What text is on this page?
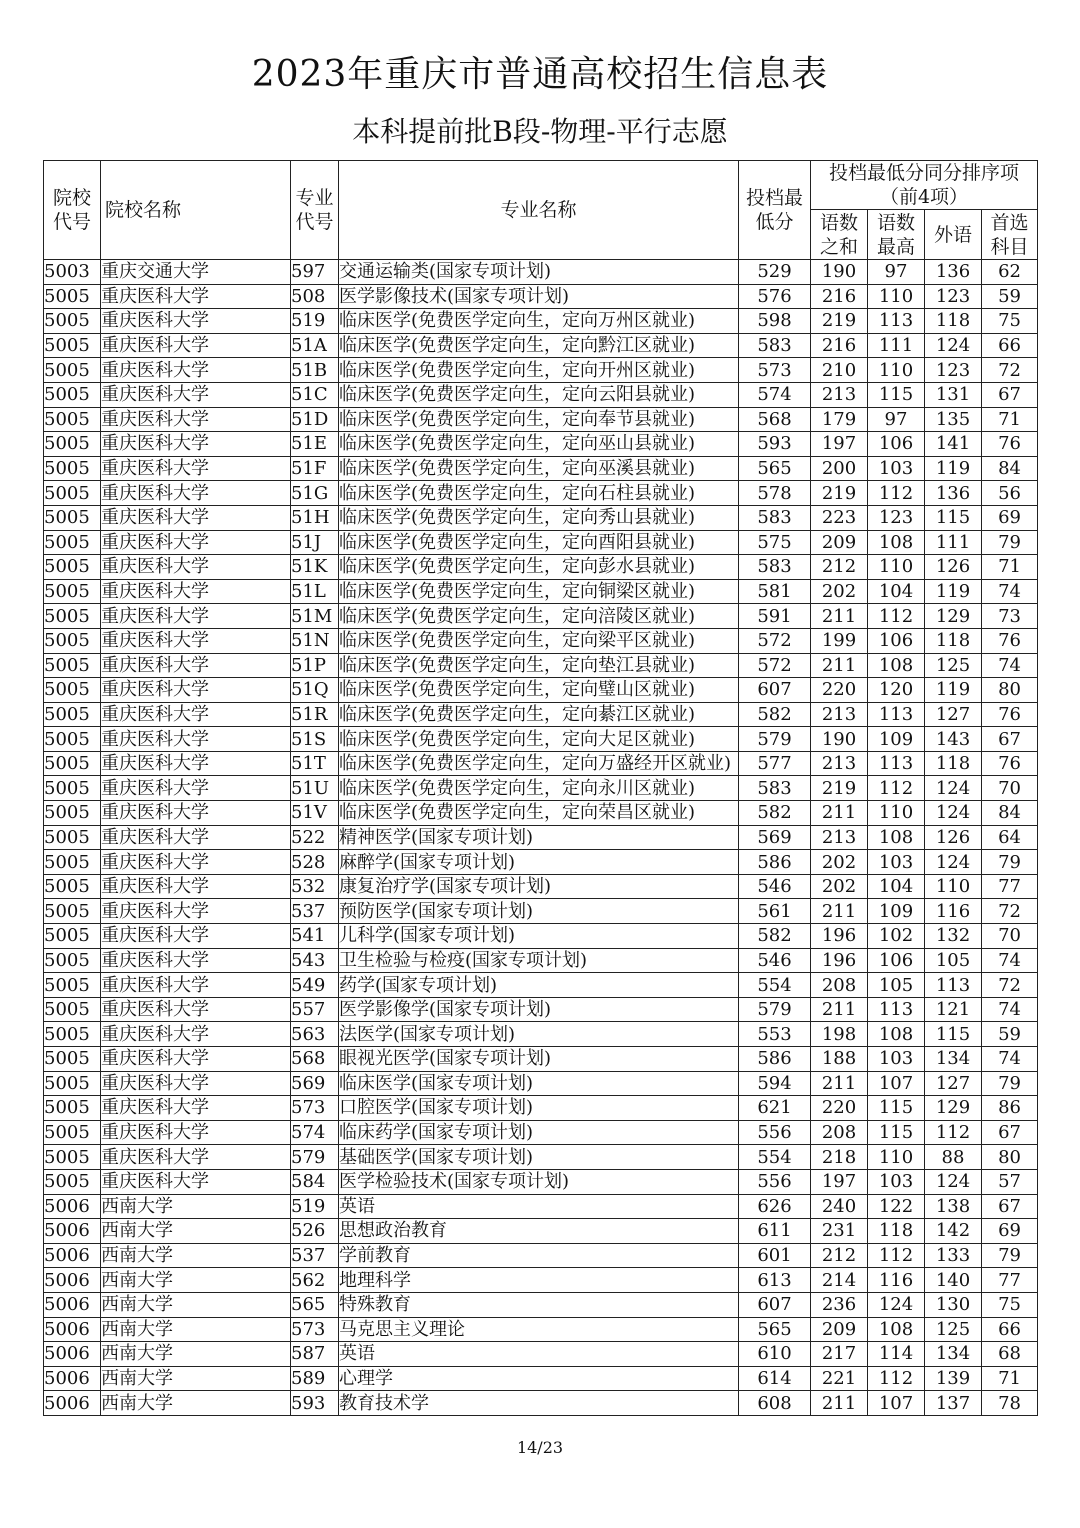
2023年重庆市普通高校招生信息表
本科提前批B段-物理-平行志愿
院校代号	院校名称	专业代号	专业名称	投档最低分	投档最低分同分排序项（前4项）			
					语数之和	语数最高	外语	首选科目
5003	重庆交通大学	597	交通运输类(国家专项计划)	529	190	97	136	62
5005	重庆医科大学	508	医学影像技术(国家专项计划)	576	216	110	123	59
5005	重庆医科大学	519	临床医学(免费医学定向生，定向万州区就业)	598	219	113	118	75
5005	重庆医科大学	51A	临床医学(免费医学定向生，定向黔江区就业)	583	216	111	124	66
5005	重庆医科大学	51B	临床医学(免费医学定向生，定向开州区就业)	573	210	110	123	72
5005	重庆医科大学	51C	临床医学(免费医学定向生，定向云阳县就业)	574	213	115	131	67
5005	重庆医科大学	51D	临床医学(免费医学定向生，定向奉节县就业)	568	179	97	135	71
5005	重庆医科大学	51E	临床医学(免费医学定向生，定向巫山县就业)	593	197	106	141	76
5005	重庆医科大学	51F	临床医学(免费医学定向生，定向巫溪县就业)	565	200	103	119	84
5005	重庆医科大学	51G	临床医学(免费医学定向生，定向石柱县就业)	578	219	112	136	56
5005	重庆医科大学	51H	临床医学(免费医学定向生，定向秀山县就业)	583	223	123	115	69
5005	重庆医科大学	51J	临床医学(免费医学定向生，定向酉阳县就业)	575	209	108	111	79
5005	重庆医科大学	51K	临床医学(免费医学定向生，定向彭水县就业)	583	212	110	126	71
5005	重庆医科大学	51L	临床医学(免费医学定向生，定向铜梁区就业)	581	202	104	119	74
5005	重庆医科大学	51M	临床医学(免费医学定向生，定向涪陵区就业)	591	211	112	129	73
5005	重庆医科大学	51N	临床医学(免费医学定向生，定向梁平区就业)	572	199	106	118	76
5005	重庆医科大学	51P	临床医学(免费医学定向生，定向垫江县就业)	572	211	108	125	74
5005	重庆医科大学	51Q	临床医学(免费医学定向生，定向璧山区就业)	607	220	120	119	80
5005	重庆医科大学	51R	临床医学(免费医学定向生，定向綦江区就业)	582	213	113	127	76
5005	重庆医科大学	51S	临床医学(免费医学定向生，定向大足区就业)	579	190	109	143	67
5005	重庆医科大学	51T	临床医学(免费医学定向生，定向万盛经开区就业)	577	213	113	118	76
5005	重庆医科大学	51U	临床医学(免费医学定向生，定向永川区就业)	583	219	112	124	70
5005	重庆医科大学	51V	临床医学(免费医学定向生，定向荣昌区就业)	582	211	110	124	84
5005	重庆医科大学	522	精神医学(国家专项计划)	569	213	108	126	64
5005	重庆医科大学	528	麻醉学(国家专项计划)	586	202	103	124	79
5005	重庆医科大学	532	康复治疗学(国家专项计划)	546	202	104	110	77
5005	重庆医科大学	537	预防医学(国家专项计划)	561	211	109	116	72
5005	重庆医科大学	541	儿科学(国家专项计划)	582	196	102	132	70
5005	重庆医科大学	543	卫生检验与检疫(国家专项计划)	546	196	106	105	74
5005	重庆医科大学	549	药学(国家专项计划)	554	208	105	113	72
5005	重庆医科大学	557	医学影像学(国家专项计划)	579	211	113	121	74
5005	重庆医科大学	563	法医学(国家专项计划)	553	198	108	115	59
5005	重庆医科大学	568	眼视光医学(国家专项计划)	586	188	103	134	74
5005	重庆医科大学	569	临床医学(国家专项计划)	594	211	107	127	79
5005	重庆医科大学	573	口腔医学(国家专项计划)	621	220	115	129	86
5005	重庆医科大学	574	临床药学(国家专项计划)	556	208	115	112	67
5005	重庆医科大学	579	基础医学(国家专项计划)	554	218	110	88	80
5005	重庆医科大学	584	医学检验技术(国家专项计划)	556	197	103	124	57
5006	西南大学	519	英语	626	240	122	138	67
5006	西南大学	526	思想政治教育	611	231	118	142	69
5006	西南大学	537	学前教育	601	212	112	133	79
5006	西南大学	562	地理科学	613	214	116	140	77
5006	西南大学	565	特殊教育	607	236	124	130	75
5006	西南大学	573	马克思主义理论	565	209	108	125	66
5006	西南大学	587	英语	610	217	114	134	68
5006	西南大学	589	心理学	614	221	112	139	71
5006	西南大学	593	教育技术学	608	211	107	137	78
14/23
